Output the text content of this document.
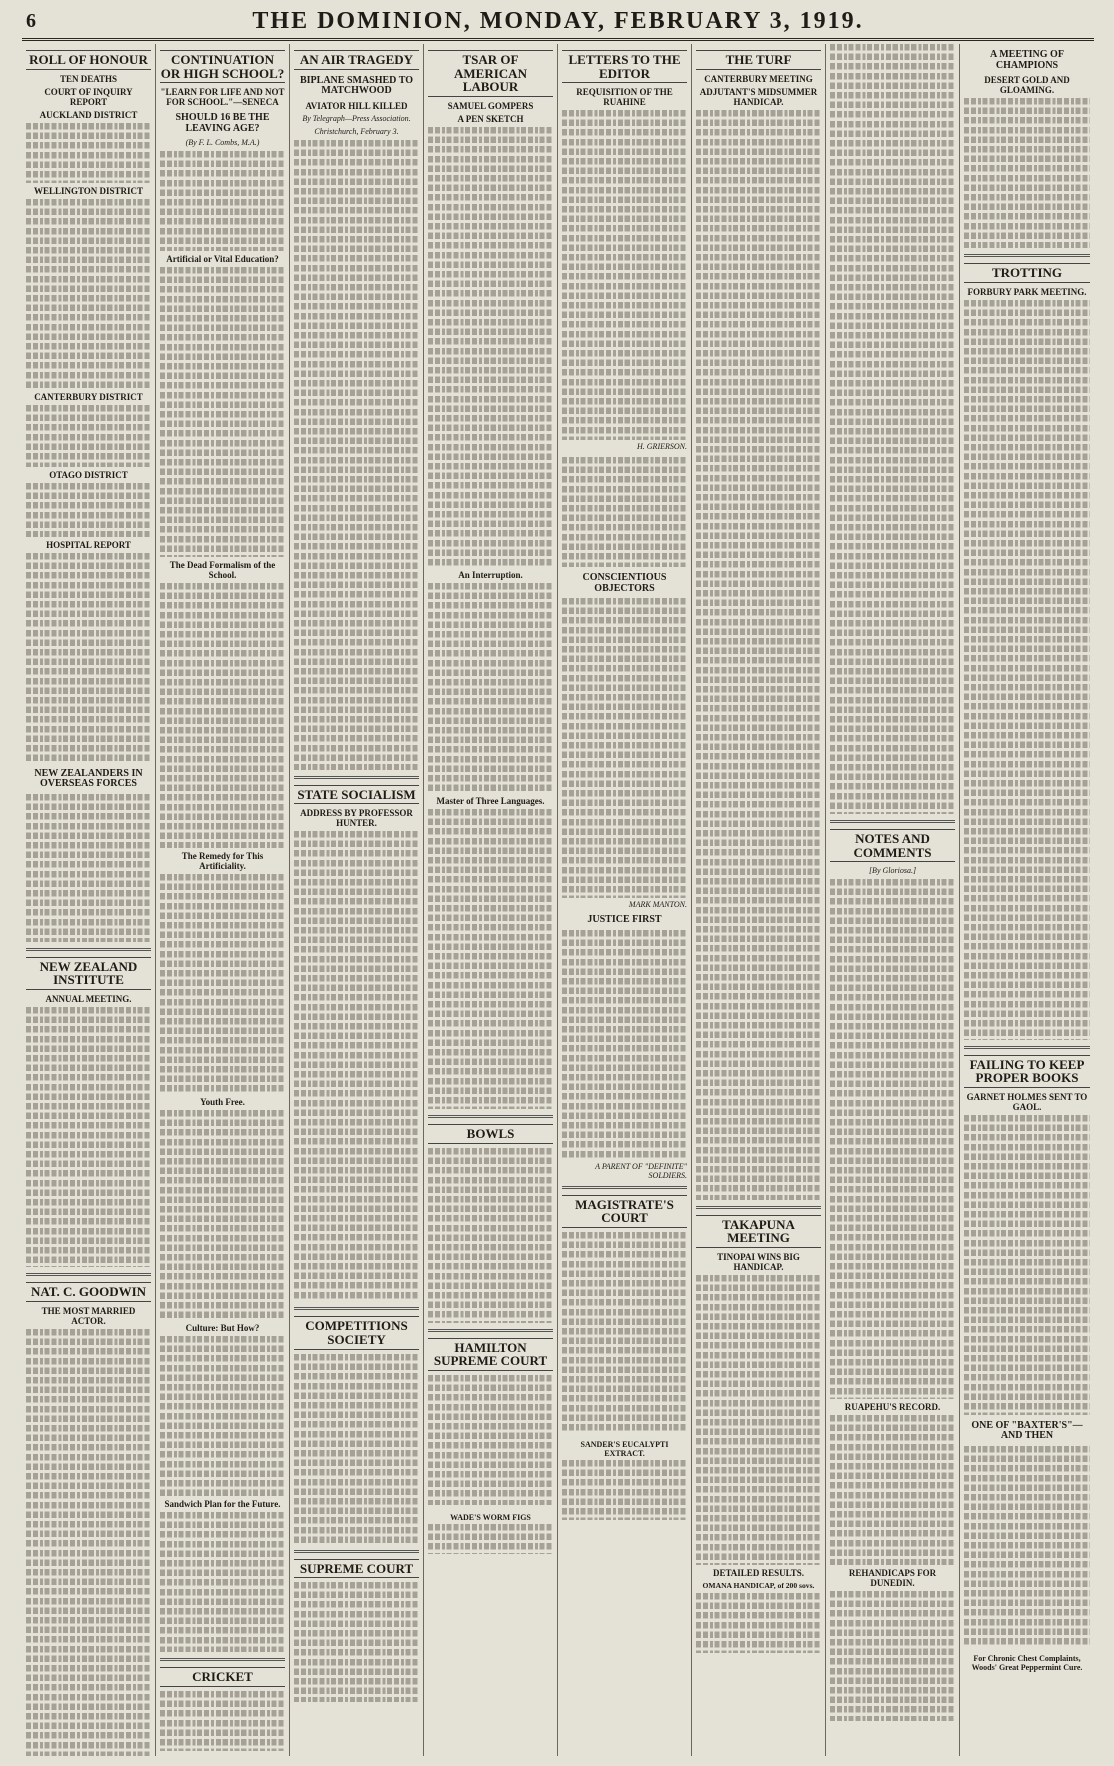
6	THE DOMINION, MONDAY, FEBRUARY 3, 1919.
ROLL OF HONOUR
TEN DEATHS
COURT OF INQUIRY REPORT
AUCKLAND DISTRICT
WELLINGTON DISTRICT
CANTERBURY DISTRICT
OTAGO DISTRICT
HOSPITAL REPORT
NEW ZEALANDERS IN OVERSEAS FORCES
NEW ZEALAND INSTITUTE
ANNUAL MEETING.
NAT. C. GOODWIN
THE MOST MARRIED ACTOR.
CONTINUATION OR HIGH SCHOOL?
"LEARN FOR LIFE AND NOT FOR SCHOOL."—SENECA
SHOULD 16 BE THE LEAVING AGE?
(By F. L. Combs, M.A.)
Artificial or Vital Education?
The Dead Formalism of the School.
The Remedy for This Artificiality.
Youth Free.
Culture: But How?
Sandwich Plan for the Future.
CRICKET
AN AIR TRAGEDY
BIPLANE SMASHED TO MATCHWOOD
AVIATOR HILL KILLED
By Telegraph—Press Association.
Christchurch, February 3.
STATE SOCIALISM
ADDRESS BY PROFESSOR HUNTER.
COMPETITIONS SOCIETY
SUPREME COURT
TSAR OF AMERICAN LABOUR
SAMUEL GOMPERS
A PEN SKETCH
An Interruption.
Master of Three Languages.
BOWLS
HAMILTON SUPREME COURT
WADE'S WORM FIGS
LETTERS TO THE EDITOR
REQUISITION OF THE RUAHINE
H. GRIERSON.
CONSCIENTIOUS OBJECTORS
MARK MANTON.
JUSTICE FIRST
A PARENT OF "DEFINITE" SOLDIERS.
MAGISTRATE'S COURT
SANDER'S EUCALYPTI EXTRACT.
THE TURF
CANTERBURY MEETING
ADJUTANT'S MIDSUMMER HANDICAP.
TAKAPUNA MEETING
TINOPAI WINS BIG HANDICAP.
DETAILED RESULTS.
OMANA HANDICAP, of 200 sovs.
NOTES AND COMMENTS
[By Gloriosa.]
RUAPEHU'S RECORD.
REHANDICAPS FOR DUNEDIN.
A MEETING OF CHAMPIONS
DESERT GOLD AND GLOAMING.
TROTTING
FORBURY PARK MEETING.
FAILING TO KEEP PROPER BOOKS
GARNET HOLMES SENT TO GAOL.
ONE OF "BAXTER'S"—AND THEN
For Chronic Chest Complaints, Woods' Great Peppermint Cure.
